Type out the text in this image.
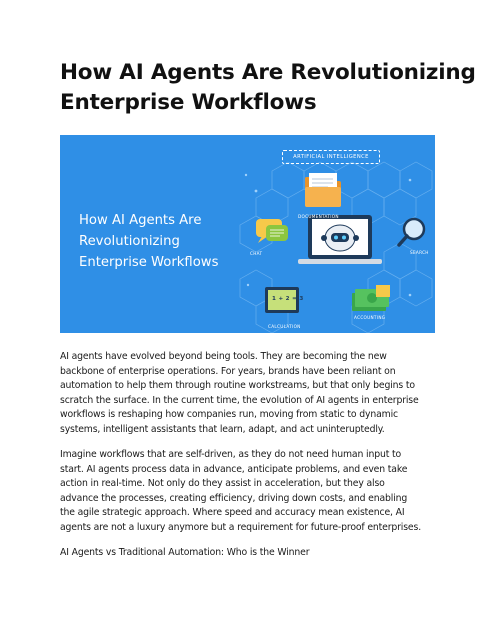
How AI Agents Are Revolutionizing
Enterprise Workflows
ARTIFICIAL INTELLIGENCE
How AI Agents Are
Revolutionizing
Enterprise Workflows
DOCUMENTATION
CHAT	SEARCH
CALCULATION
ACCOUNTING
1 + 2 = 3
AI agents have evolved beyond being tools. They are becoming the new
backbone of enterprise operations. For years, brands have been reliant on
automation to help them through routine workstreams, but that only begins to
scratch the surface. In the current time, the evolution of AI agents in enterprise
workflows is reshaping how companies run, moving from static to dynamic
systems, intelligent assistants that learn, adapt, and act uninteruptedly.
Imagine workflows that are self-driven, as they do not need human input to
start. AI agents process data in advance, anticipate problems, and even take
action in real-time. Not only do they assist in acceleration, but they also
advance the processes, creating efficiency, driving down costs, and enabling
the agile strategic approach. Where speed and accuracy mean existence, AI
agents are not a luxury anymore but a requirement for future-proof enterprises.
AI Agents vs Traditional Automation: Who is the Winner
